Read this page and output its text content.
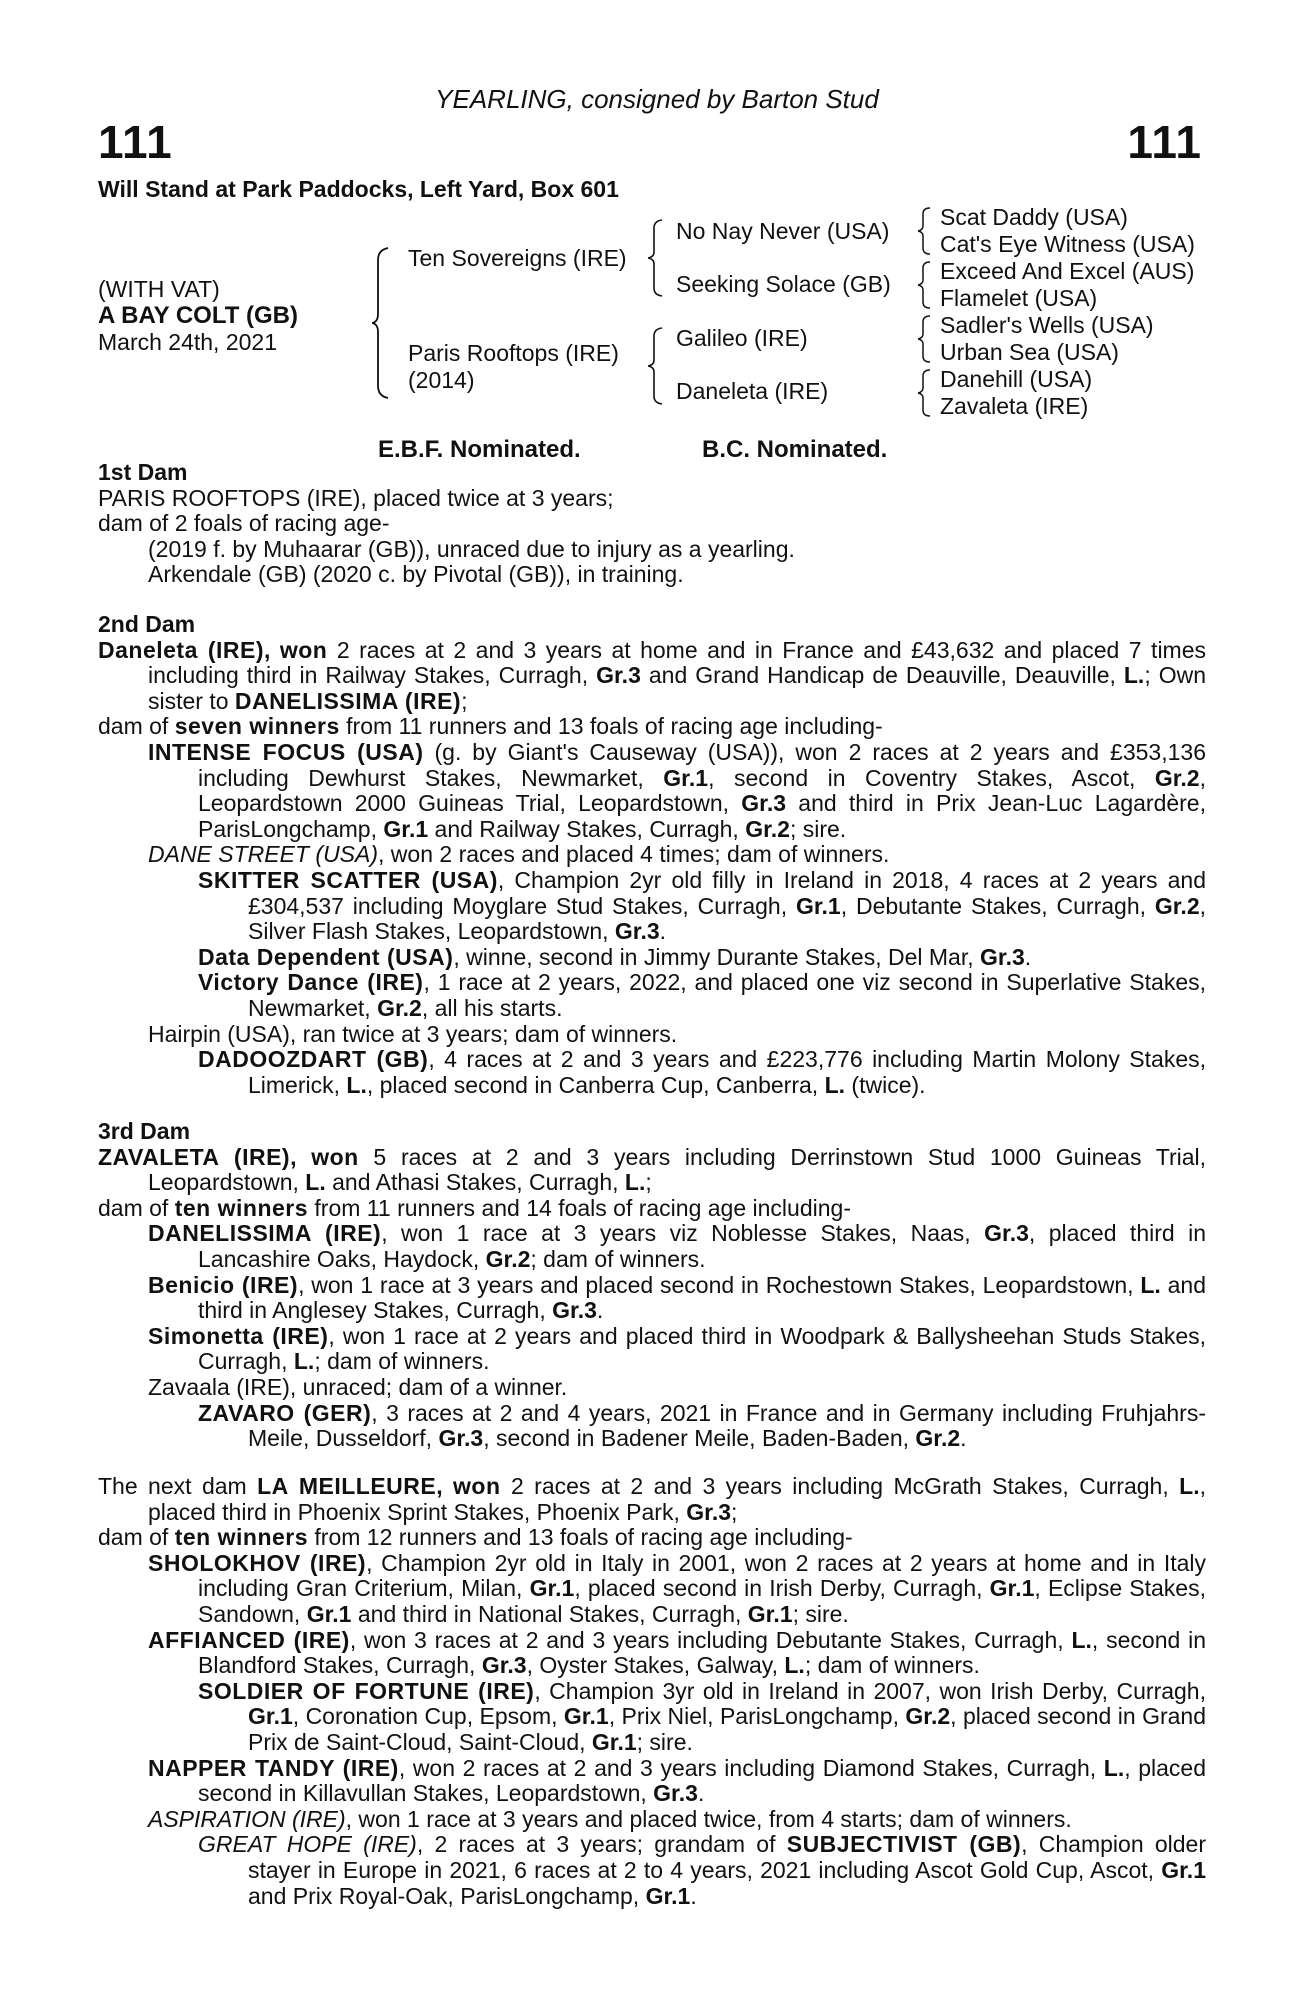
YEARLING, consigned by Barton Stud
111	111
Will Stand at Park Paddocks, Left Yard, Box 601
(WITH VAT)
A BAY COLT (GB)
March 24th, 2021
Ten Sovereigns (IRE)
Paris Rooftops (IRE)
(2014)
No Nay Never (USA)
Seeking Solace (GB)
Galileo (IRE)
Daneleta (IRE)
Scat Daddy (USA)
Cat's Eye Witness (USA)
Exceed And Excel (AUS)
Flamelet (USA)
Sadler's Wells (USA)
Urban Sea (USA)
Danehill (USA)
Zavaleta (IRE)
E.B.F. Nominated.	B.C. Nominated.

1st Dam

PARIS ROOFTOPS (IRE), placed twice at 3 years;

dam of 2 foals of racing age-

(2019 f. by Muhaarar (GB)), unraced due to injury as a yearling.

Arkendale (GB) (2020 c. by Pivotal (GB)), in training.

2nd Dam

Daneleta (IRE), won 2 races at 2 and 3 years at home and in France and £43,632 and placed 7 times including third in Railway Stakes, Curragh, Gr.3 and Grand Handicap de Deauville, Deauville, L.; Own sister to DANELISSIMA (IRE);

dam of seven winners from 11 runners and 13 foals of racing age including-

INTENSE FOCUS (USA) (g. by Giant's Causeway (USA)), won 2 races at 2 years and £353,136 including Dewhurst Stakes, Newmarket, Gr.1, second in Coventry Stakes, Ascot, Gr.2, Leopardstown 2000 Guineas Trial, Leopardstown, Gr.3 and third in Prix Jean-Luc Lagardère, ParisLongchamp, Gr.1 and Railway Stakes, Curragh, Gr.2; sire.

DANE STREET (USA), won 2 races and placed 4 times; dam of winners.

SKITTER SCATTER (USA), Champion 2yr old filly in Ireland in 2018, 4 races at 2 years and £304,537 including Moyglare Stud Stakes, Curragh, Gr.1, Debutante Stakes, Curragh, Gr.2, Silver Flash Stakes, Leopardstown, Gr.3.

Data Dependent (USA), winne, second in Jimmy Durante Stakes, Del Mar, Gr.3.

Victory Dance (IRE), 1 race at 2 years, 2022, and placed one viz second in Superlative Stakes, Newmarket, Gr.2, all his starts.

Hairpin (USA), ran twice at 3 years; dam of winners.

DADOOZDART (GB), 4 races at 2 and 3 years and £223,776 including Martin Molony Stakes, Limerick, L., placed second in Canberra Cup, Canberra, L. (twice).

3rd Dam

ZAVALETA (IRE), won 5 races at 2 and 3 years including Derrinstown Stud 1000 Guineas Trial, Leopardstown, L. and Athasi Stakes, Curragh, L.;

dam of ten winners from 11 runners and 14 foals of racing age including-

DANELISSIMA (IRE), won 1 race at 3 years viz Noblesse Stakes, Naas, Gr.3, placed third in Lancashire Oaks, Haydock, Gr.2; dam of winners.

Benicio (IRE), won 1 race at 3 years and placed second in Rochestown Stakes, Leopardstown, L. and third in Anglesey Stakes, Curragh, Gr.3.

Simonetta (IRE), won 1 race at 2 years and placed third in Woodpark & Ballysheehan Studs Stakes, Curragh, L.; dam of winners.

Zavaala (IRE), unraced; dam of a winner.

ZAVARO (GER), 3 races at 2 and 4 years, 2021 in France and in Germany including Fruhjahrs-Meile, Dusseldorf, Gr.3, second in Badener Meile, Baden-Baden, Gr.2.

The next dam LA MEILLEURE, won 2 races at 2 and 3 years including McGrath Stakes, Curragh, L., placed third in Phoenix Sprint Stakes, Phoenix Park, Gr.3;

dam of ten winners from 12 runners and 13 foals of racing age including-

SHOLOKHOV (IRE), Champion 2yr old in Italy in 2001, won 2 races at 2 years at home and in Italy including Gran Criterium, Milan, Gr.1, placed second in Irish Derby, Curragh, Gr.1, Eclipse Stakes, Sandown, Gr.1 and third in National Stakes, Curragh, Gr.1; sire.

AFFIANCED (IRE), won 3 races at 2 and 3 years including Debutante Stakes, Curragh, L., second in Blandford Stakes, Curragh, Gr.3, Oyster Stakes, Galway, L.; dam of winners.

SOLDIER OF FORTUNE (IRE), Champion 3yr old in Ireland in 2007, won Irish Derby, Curragh, Gr.1, Coronation Cup, Epsom, Gr.1, Prix Niel, ParisLongchamp, Gr.2, placed second in Grand Prix de Saint-Cloud, Saint-Cloud, Gr.1; sire.

NAPPER TANDY (IRE), won 2 races at 2 and 3 years including Diamond Stakes, Curragh, L., placed second in Killavullan Stakes, Leopardstown, Gr.3.

ASPIRATION (IRE), won 1 race at 3 years and placed twice, from 4 starts; dam of winners.

GREAT HOPE (IRE), 2 races at 3 years; grandam of SUBJECTIVIST (GB), Champion older stayer in Europe in 2021, 6 races at 2 to 4 years, 2021 including Ascot Gold Cup, Ascot, Gr.1 and Prix Royal-Oak, ParisLongchamp, Gr.1.
